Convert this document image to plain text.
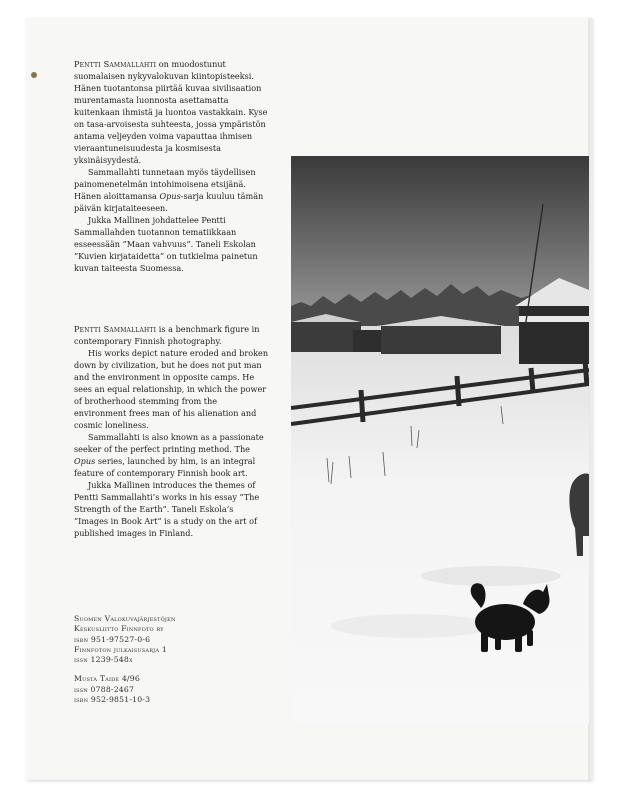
Pentti Sammallahti on muodostunut suomalaisen nykyvalokuvan kiintopisteeksi. Hänen tuotantonsa piirtää kuvaa sivilisaation murentamasta luonnosta asettamatta kuitenkaan ihmistä ja luontoa vastakkain. Kyse on tasa-arvoisesta suhteesta, jossa ympäristön antama veljeyden voima vapauttaa ihmisen vieraantuneisuudesta ja kosmisesta yksinäisyydestä.

Sammallahti tunnetaan myös täydellisen painomenetelmän intohimoisena etsijänä. Hänen aloittamansa Opus-sarja kuuluu tämän päivän kirjataiteeseen.

Jukka Mallinen johdattelee Pentti Sammallahden tuotannon tematiikkaan esseessään ”Maan vahvuus”. Taneli Eskolan ”Kuvien kirjataidetta” on tutkielma painetun kuvan taiteesta Suomessa.

Pentti Sammallahti is a benchmark figure in contemporary Finnish photography.

His works depict nature eroded and broken down by civilization, but he does not put man and the environment in opposite camps. He sees an equal relationship, in which the power of brotherhood stemming from the environment frees man of his alienation and cosmic loneliness.

Sammallahti is also known as a passionate seeker of the perfect printing method. The Opus series, launched by him, is an integral feature of contemporary Finnish book art.

Jukka Mallinen introduces the themes of Pentti Sammallahti’s works in his essay ”The Strength of the Earth”. Taneli Eskola’s ”Images in Book Art” is a study on the art of published images in Finland.

Suomen Valokuvajärjestöjen
Keskusliitto Finnfoto ry
isbn 951-97527-0-6
Finnfoton julkaisusarja 1
issn 1239-548x
Musta Taide 4/96
issn 0788-2467
isbn 952-9851-10-3
